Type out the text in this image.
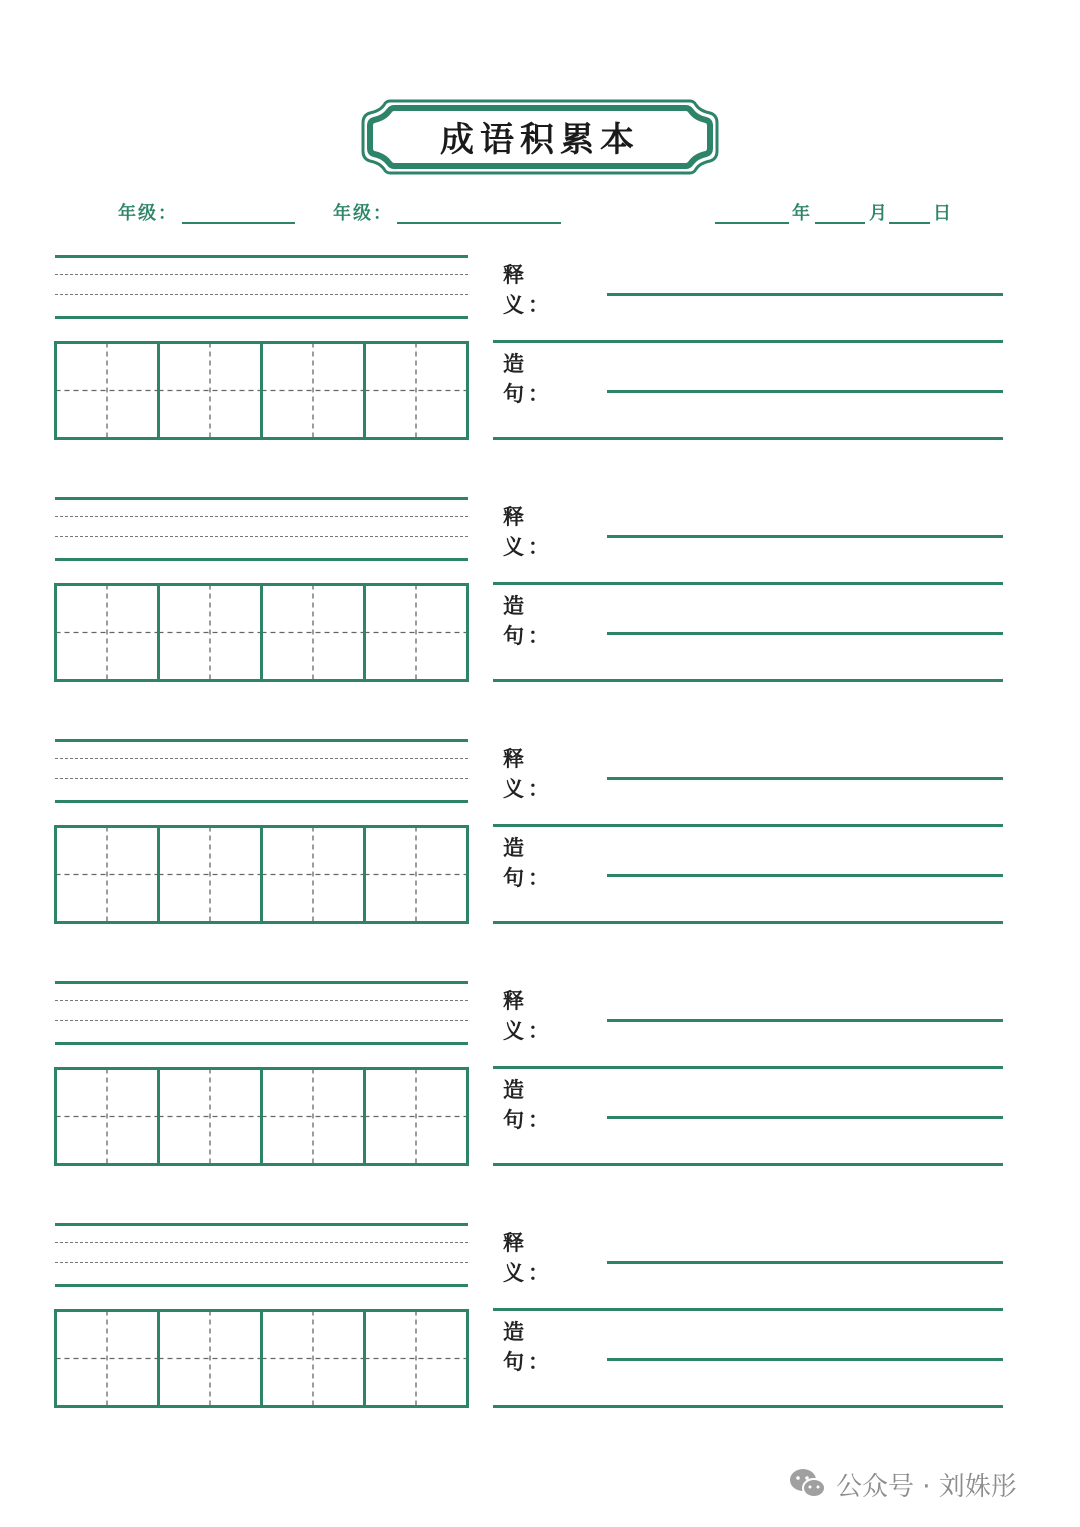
成语积累本
年级：	年级：	年	月 日
释义：
造句：
释义：
造句：
释义：
造句：
释义：
造句：
释义：
造句：
公众号 · 刘姝彤
